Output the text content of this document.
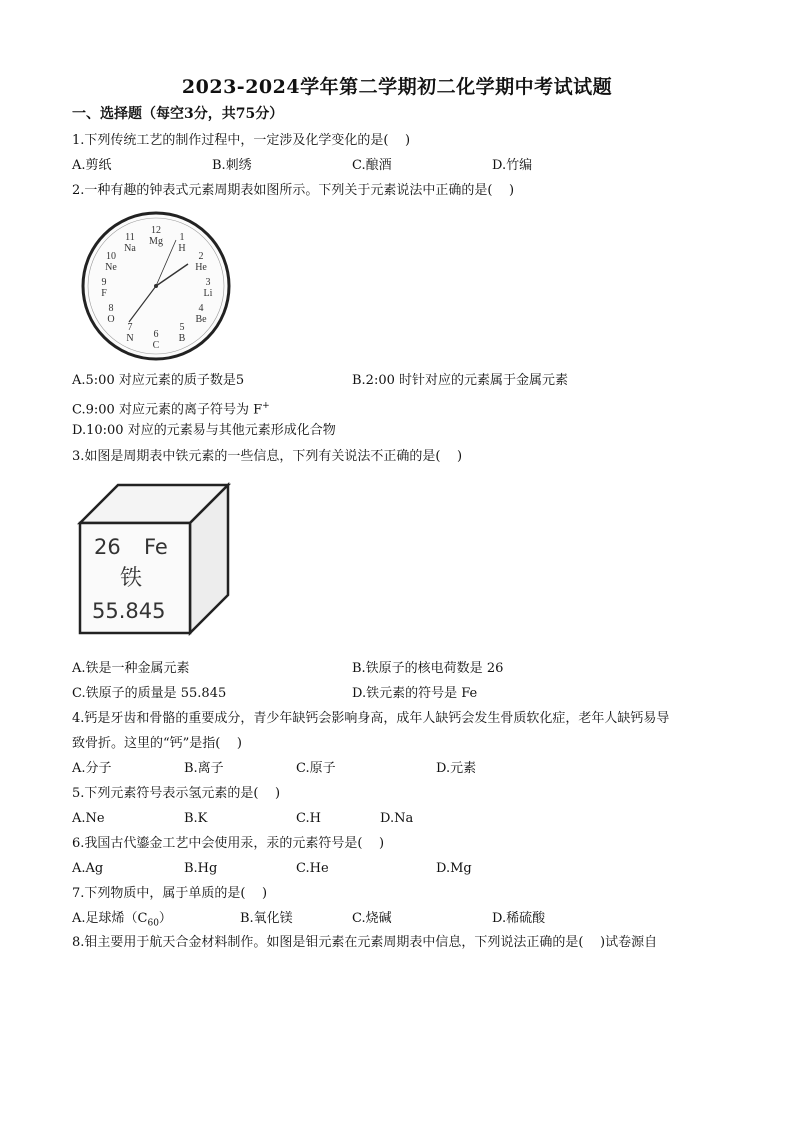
2023-2024学年第二学期初二化学期中考试试题
一、选择题（每空3分，共75分）
1.下列传统工艺的制作过程中，一定涉及化学变化的是(    )
A.剪纸	B.刺绣	C.酿酒	D.竹编
2.一种有趣的钟表式元素周期表如图所示。下列关于元素说法中正确的是(    )
12
Mg 1
H
2
He
3
Li
4
Be
5
B
6
C
7
N
8
O
9
F
10
Ne
11
Na
A.5:00 对应元素的质子数是5	B.2:00 时针对应的元素属于金属元素
C.9:00 对应元素的离子符号为 F+
D.10:00 对应的元素易与其他元素形成化合物
3.如图是周期表中铁元素的一些信息，下列有关说法不正确的是(    )
26 Fe
铁
55.845
A.铁是一种金属元素	B.铁原子的核电荷数是 26
C.铁原子的质量是 55.845	D.铁元素的符号是 Fe
4.钙是牙齿和骨骼的重要成分，青少年缺钙会影响身高，成年人缺钙会发生骨质软化症，老年人缺钙易导
致骨折。这里的“钙”是指(    )
A.分子	B.离子	C.原子	D.元素
5.下列元素符号表示氢元素的是(    )
A.Ne	B.K	C.H	D.Na
6.我国古代鎏金工艺中会使用汞，汞的元素符号是(    )
A.Ag	B.Hg	C.He	D.Mg
7.下列物质中，属于单质的是(    )
A.足球烯$(C_{60})$	B.氧化镁	C.烧碱	D.稀硫酸
8.钼主要用于航天合金材料制作。如图是钼元素在元素周期表中信息，下列说法正确的是(    )试卷源自
